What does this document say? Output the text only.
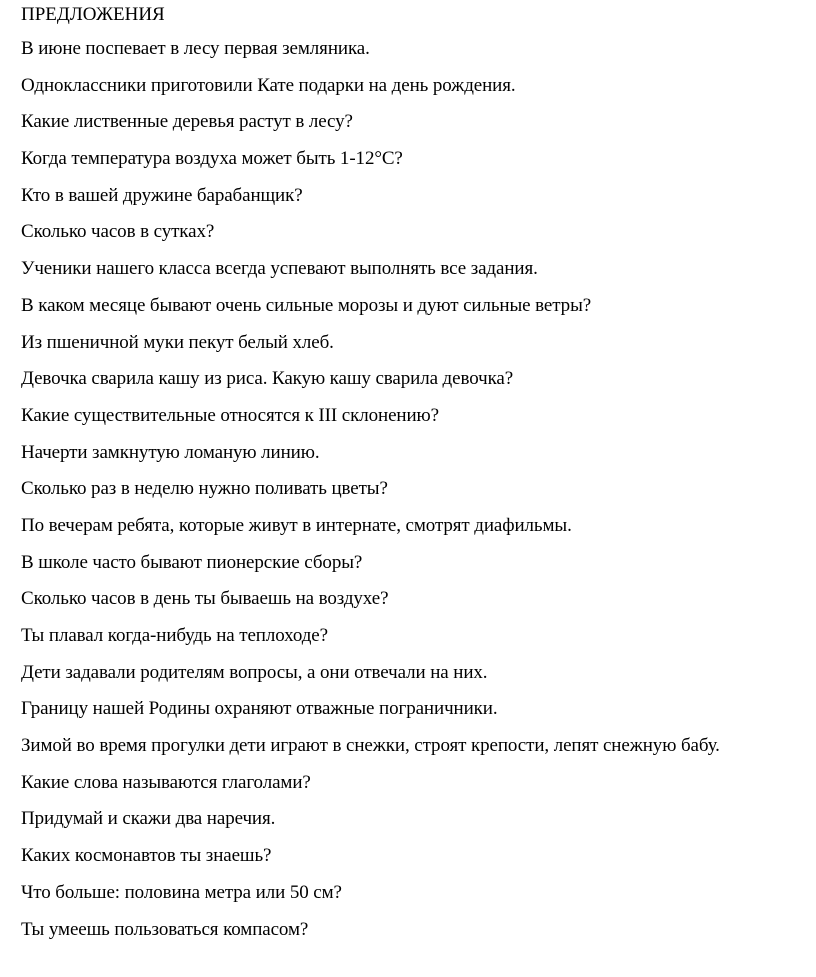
ПРЕДЛОЖЕНИЯ
В июне поспевает в лесу первая земляника.
Одноклассники приготовили Кате подарки на день рождения.
Какие лиственные деревья растут в лесу?
Когда температура воздуха может быть 1-12°С?
Кто в вашей дружине барабанщик?
Сколько часов в сутках?
Ученики нашего класса всегда успевают выполнять все задания.
В каком месяце бывают очень сильные морозы и дуют сильные ветры?
Из пшеничной муки пекут белый хлеб.
Девочка сварила кашу из риса. Какую кашу сварила девочка?
Какие существительные относятся к III склонению?
Начерти замкнутую ломаную линию.
Сколько раз в неделю нужно поливать цветы?
По вечерам ребята, которые живут в интернате, смотрят диафильмы.
В школе часто бывают пионерские сборы?
Сколько часов в день ты бываешь на воздухе?
Ты плавал когда-нибудь на теплоходе?
Дети задавали родителям вопросы, а они отвечали на них.
Границу нашей Родины охраняют отважные пограничники.
Зимой во время прогулки дети играют в снежки, строят крепости, лепят снежную бабу.
Какие слова называются глаголами?
Придумай и скажи два наречия.
Каких космонавтов ты знаешь?
Что больше: половина метра или 50 см?
Ты умеешь пользоваться компасом?
